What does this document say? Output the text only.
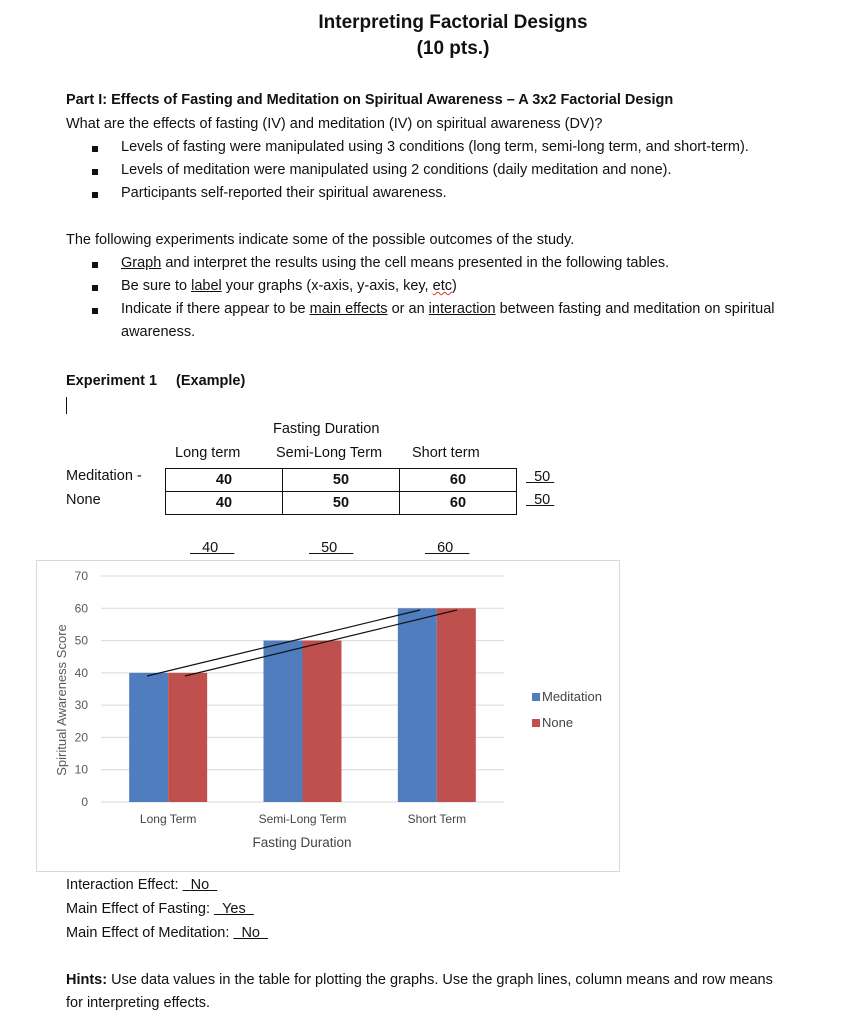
Interpreting Factorial Designs
(10 pts.)
Part I: Effects of Fasting and Meditation on Spiritual Awareness – A 3x2 Factorial Design
What are the effects of fasting (IV) and meditation (IV) on spiritual awareness (DV)?
Levels of fasting were manipulated using 3 conditions (long term, semi-long term, and short-term).
Levels of meditation were manipulated using 2 conditions (daily meditation and none).
Participants self-reported their spiritual awareness.
The following experiments indicate some of the possible outcomes of the study.
Graph and interpret the results using the cell means presented in the following tables.
Be sure to label your graphs (x-axis, y-axis, key, etc)
Indicate if there appear to be main effects or an interaction between fasting and meditation on spiritual
awareness.
Experiment 1 (Example)
Fasting Duration
Long term Semi-Long Term Short term
Meditation -
None
40	50	60
40	50	60
50
50
40	50	60
0
10
20
30
40
50
60
70
Long Term	Semi-Long Term	Short Term
Spiritual Awareness Score
Fasting Duration
Meditation
None
Interaction Effect: No
Main Effect of Fasting: Yes
Main Effect of Meditation: No
Hints: Use data values in the table for plotting the graphs. Use the graph lines, column means and row means
for interpreting effects.
